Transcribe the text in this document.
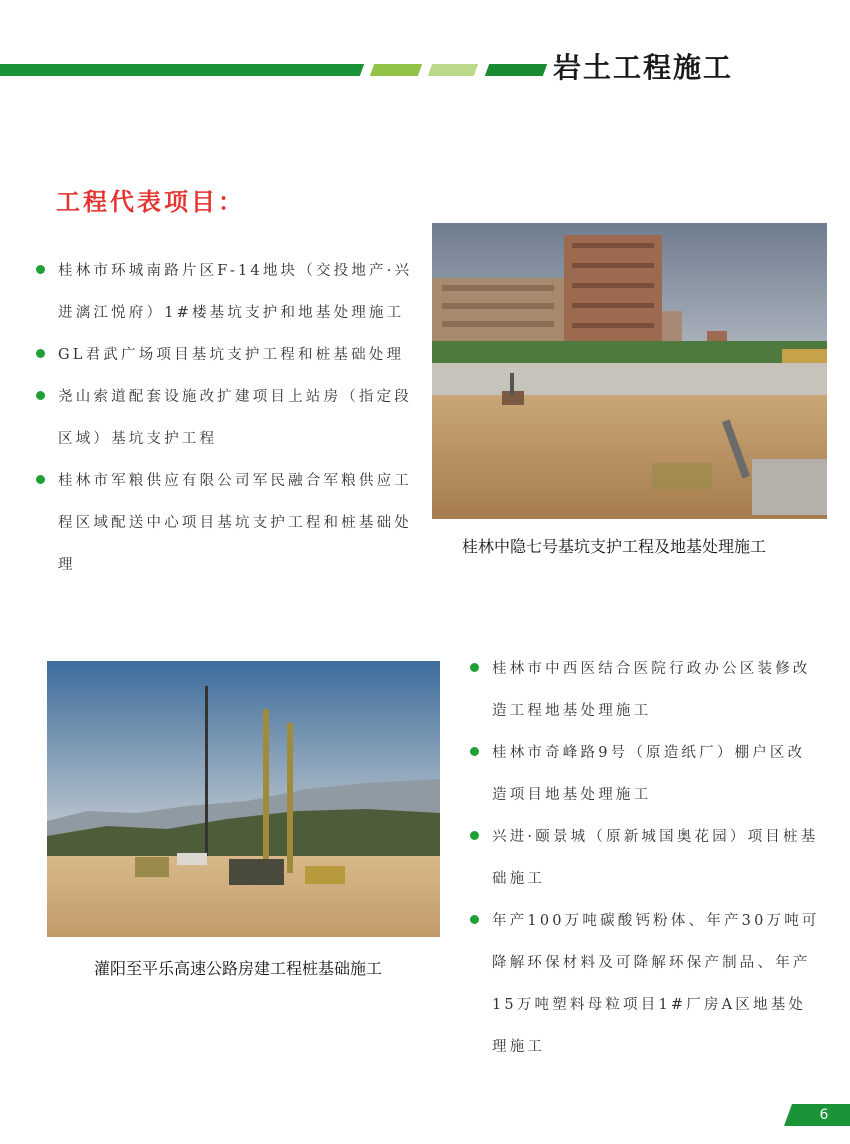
岩土工程施工
工程代表项目：
桂林市环城南路片区F-14地块（交投地产·兴进漓江悦府）1#楼基坑支护和地基处理施工
GL君武广场项目基坑支护工程和桩基础处理
尧山索道配套设施改扩建项目上站房（指定段区域）基坑支护工程
桂林市军粮供应有限公司军民融合军粮供应工程区域配送中心项目基坑支护工程和桩基础处理
桂林中隐七号基坑支护工程及地基处理施工
灌阳至平乐高速公路房建工程桩基础施工
桂林市中西医结合医院行政办公区装修改造工程地基处理施工
桂林市奇峰路9号（原造纸厂）棚户区改造项目地基处理施工
兴进·颐景城（原新城国奥花园）项目桩基础施工
年产100万吨碳酸钙粉体、年产30万吨可降解环保材料及可降解环保产制品、年产15万吨塑料母粒项目1#厂房A区地基处理施工
6
